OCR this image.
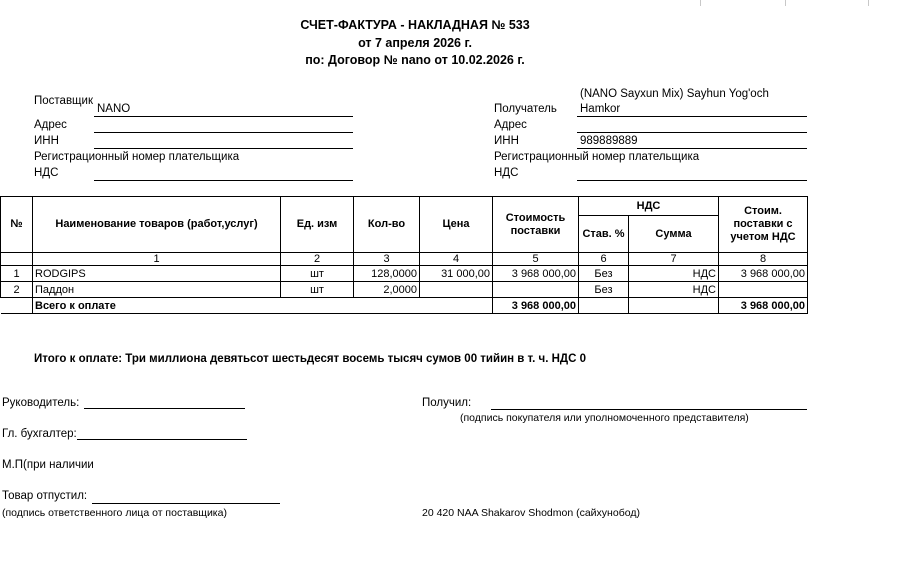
СЧЕТ-ФАКТУРА - НАКЛАДНАЯ № 533
от 7 апреля 2026 г.
по: Договор № nano от 10.02.2026 г.
Поставщик
NANO
Адрес
ИНН
Регистрационный номер плательщика
НДС
(NANO Sayxun Mix) Sayhun Yog'och
Получатель Hamkor
Адрес
ИНН	989889889
Регистрационный номер плательщика
НДС
№	Наименование товаров (работ,услуг)	Ед. изм	Кол-во	Цена	Стоимость поставки	НДС		Стоим. поставки с учетом НДС
						Став. %	Сумма	
	1	2	3	4	5	6	7	8
1	RODGIPS	шт	128,0000	31 000,00	3 968 000,00	Без	НДС	3 968 000,00
2	Паддон	шт	2,0000			Без	НДС	
	Всего к оплате				3 968 000,00			3 968 000,00
Итого к оплате: Три миллиона девятьсот шестьдесят восемь тысяч сумов 00 тийин в т. ч. НДС 0
Руководитель:
Гл. бухгалтер:
М.П(при наличии
Товар отпустил:
(подпись ответственного лица от поставщика)
Получил:
(подпись покупателя или уполномоченного представителя)
20 420 NAA Shakarov Shodmon (сайхунобод)
